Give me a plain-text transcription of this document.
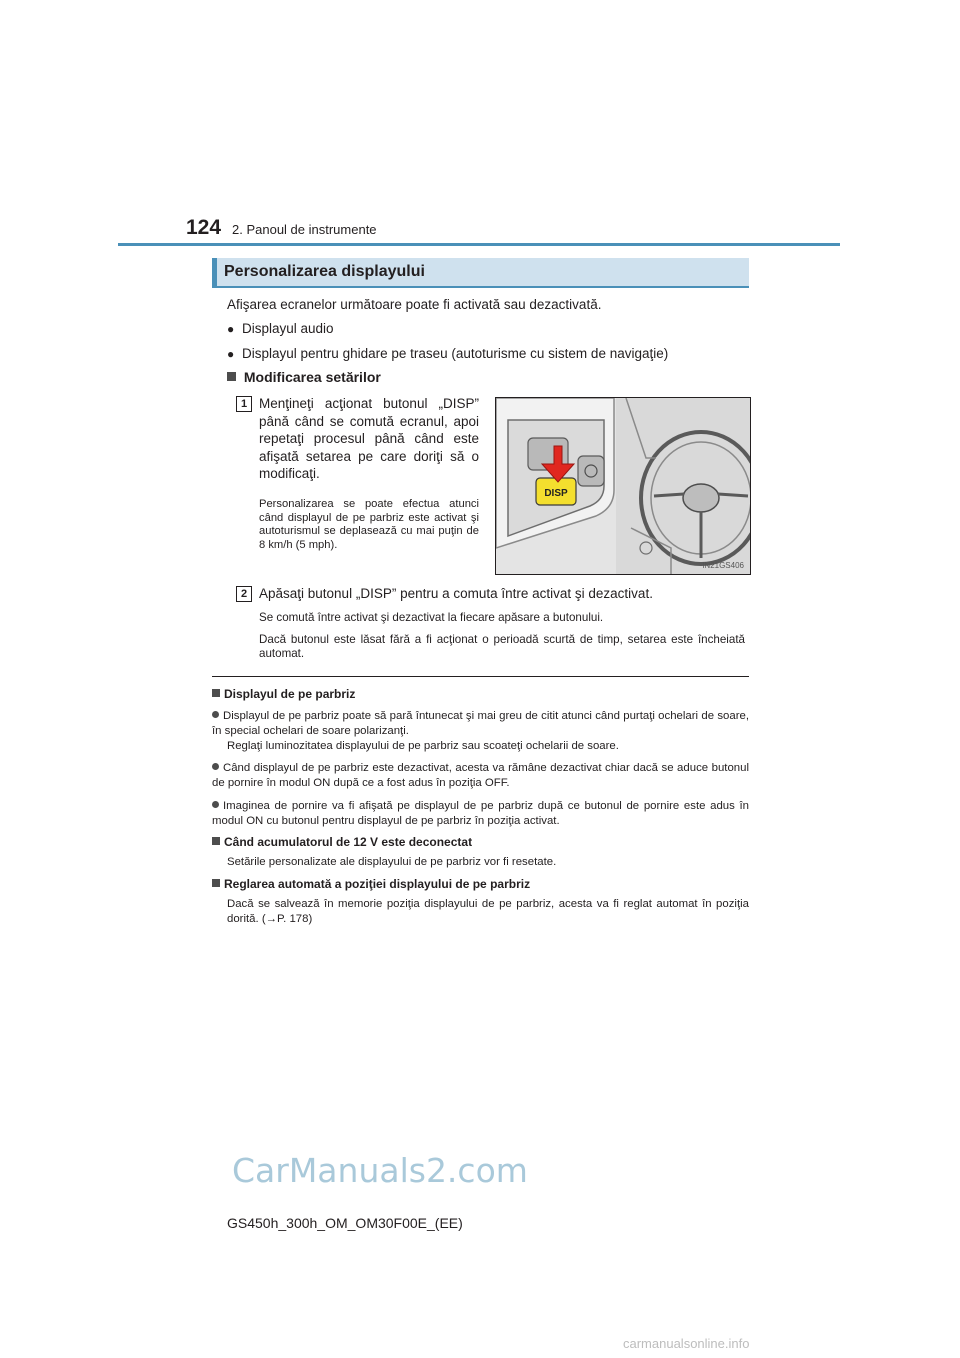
124 2. Panoul de instrumente
Personalizarea displayului
Afişarea ecranelor următoare poate fi activată sau dezactivată.
● Displayul audio
● Displayul pentru ghidare pe traseu (autoturisme cu sistem de navigaţie)
Modificarea setărilor
1 Menţineţi acţionat butonul „DISP” până când se comută ecranul, apoi repetaţi procesul până când este afişată setarea pe care doriţi să o modificaţi.
Personalizarea se poate efectua atunci când displayul de pe parbriz este activat şi autoturismul se deplasează cu mai puţin de 8 km/h (5 mph).
DISP
IN21GS406
2 Apăsaţi butonul „DISP” pentru a comuta între activat şi dezactivat.
Se comută între activat şi dezactivat la fiecare apăsare a butonului.
Dacă butonul este lăsat fără a fi acţionat o perioadă scurtă de timp, setarea este încheiată automat.
Displayul de pe parbriz
Displayul de pe parbriz poate să pară întunecat şi mai greu de citit atunci când purtaţi ochelari de soare, în special ochelari de soare polarizanţi.
Reglaţi luminozitatea displayului de pe parbriz sau scoateţi ochelarii de soare.
Când displayul de pe parbriz este dezactivat, acesta va rămâne dezactivat chiar dacă se aduce butonul de pornire în modul ON după ce a fost adus în poziţia OFF.
Imaginea de pornire va fi afişată pe displayul de pe parbriz după ce butonul de pornire este adus în modul ON cu butonul pentru displayul de pe parbriz în poziţia activat.
Când acumulatorul de 12 V este deconectat
Setările personalizate ale displayului de pe parbriz vor fi resetate.
Reglarea automată a poziţiei displayului de pe parbriz
Dacă se salvează în memorie poziţia displayului de pe parbriz, acesta va fi reglat automat în poziţia dorită. (→P. 178)
CarManuals2.com
GS450h_300h_OM_OM30F00E_(EE)
carmanualsonline.info
